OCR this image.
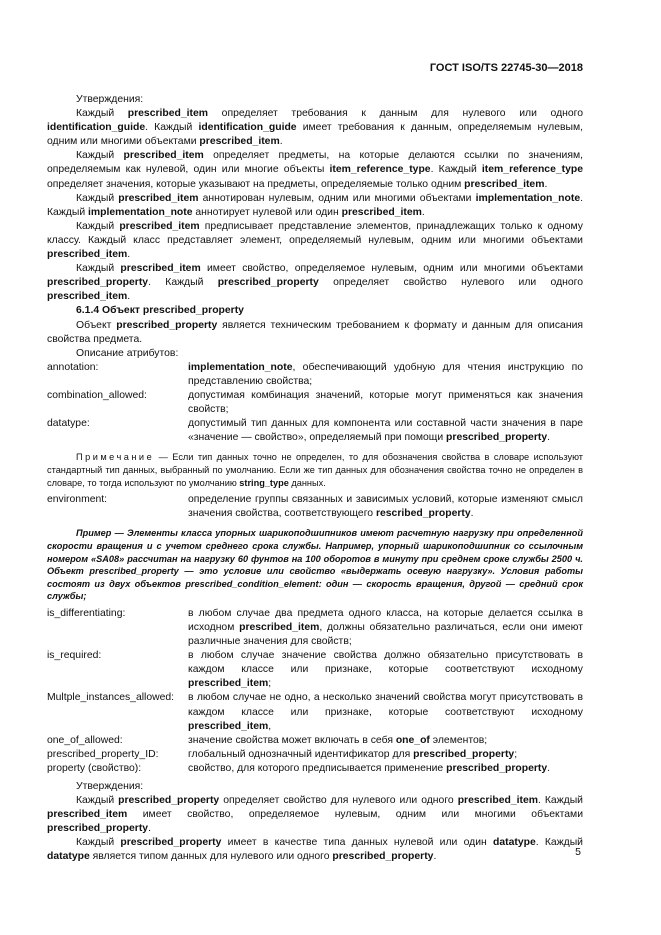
ГОСТ ISO/TS 22745-30—2018

Утверждения:

Каждый prescribed_item определяет требования к данным для нулевого или одного identification_guide. Каждый identification_guide имеет требования к данным, определяемым нулевым, одним или многими объектами prescribed_item.

Каждый prescribed_item определяет предметы, на которые делаются ссылки по значениям, определяемым как нулевой, один или многие объекты item_reference_type. Каждый item_reference_type определяет значения, которые указывают на предметы, определяемые только одним prescribed_item.

Каждый prescribed_item аннотирован нулевым, одним или многими объектами implementation_note. Каждый implementation_note аннотирует нулевой или один prescribed_item.

Каждый prescribed_item предписывает представление элементов, принадлежащих только к одному классу. Каждый класс представляет элемент, определяемый нулевым, одним или многими объектами prescribed_item.

Каждый prescribed_item имеет свойство, определяемое нулевым, одним или многими объектами prescribed_property. Каждый prescribed_property определяет свойство нулевого или одного prescribed_item.

6.1.4 Объект prescribed_property

Объект prescribed_property является техническим требованием к формату и данным для описания свойства предмета.

Описание атрибутов:

annotation:	implementation_note, обеспечивающий удобную для чтения инструкцию по представлению свойства;
combination_allowed:	допустимая комбинация значений, которые могут применяться как значения свойств;
datatype:	допустимый тип данных для компонента или составной части значения в паре «значение — свойство», определяемый при помощи prescribed_property.

Примечание — Если тип данных точно не определен, то для обозначения свойства в словаре используют стандартный тип данных, выбранный по умолчанию. Если же тип данных для обозначения свойства точно не определен в словаре, то тогда используют по умолчанию string_type данных.

environment:	определение группы связанных и зависимых условий, которые изменяют смысл значения свойства, соответствующего rescribed_property.

Пример — Элементы класса упорных шарикоподшипников имеют расчетную нагрузку при определенной скорости вращения и с учетом среднего срока службы. Например, упорный шарикоподшипник со ссылочным номером «SA08» рассчитан на нагрузку 60 фунтов на 100 оборотов в минуту при среднем сроке службы 2500 ч. Объект prescribed_property — это условие или свойство «выдержать осевую нагрузку». Условия работы состоят из двух объектов prescribed_condition_element: один — скорость вращения, другой — средний срок службы;

is_differentiating:	в любом случае два предмета одного класса, на которые делается ссылка в исходном prescribed_item, должны обязательно различаться, если они имеют различные значения для свойств;
is_required:	в любом случае значение свойства должно обязательно присутствовать в каждом классе или признаке, которые соответствуют исходному prescribed_item;
Multple_instances_allowed:	в любом случае не одно, а несколько значений свойства могут присутствовать в каждом классе или признаке, которые соответствуют исходному prescribed_item,
one_of_allowed:	значение свойства может включать в себя one_of элементов;
prescribed_property_ID:	глобальный однозначный идентификатор для prescribed_property;
property (свойство):	свойство, для которого предписывается применение prescribed_property.

Утверждения:

Каждый prescribed_property определяет свойство для нулевого или одного prescribed_item. Каждый prescribed_item имеет свойство, определяемое нулевым, одним или многими объектами prescribed_property.

Каждый prescribed_property имеет в качестве типа данных нулевой или один datatype. Каждый datatype является типом данных для нулевого или одного prescribed_property.	5
